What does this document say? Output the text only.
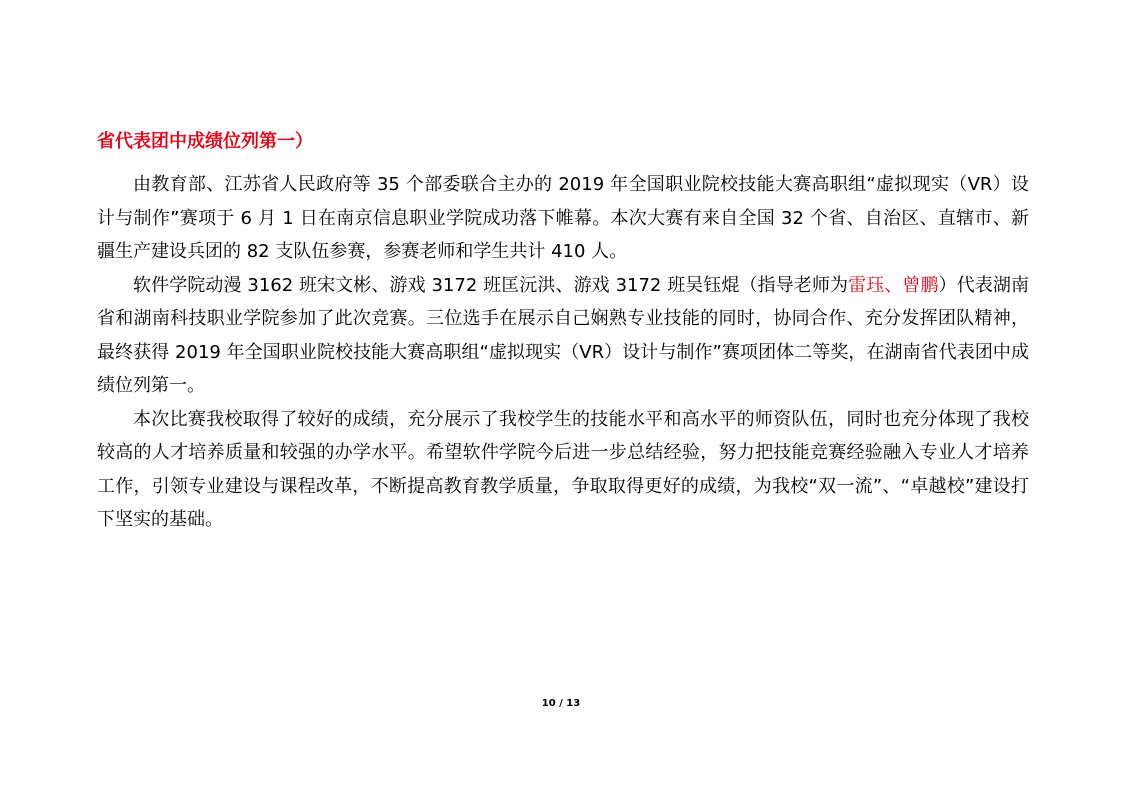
省代表团中成绩位列第一）

由教育部、江苏省人民政府等 35 个部委联合主办的 2019 年全国职业院校技能大赛高职组“虚拟现实（VR）设计与制作”赛项于 6 月 1 日在南京信息职业学院成功落下帷幕。本次大赛有来自全国 32 个省、自治区、直辖市、新疆生产建设兵团的 82 支队伍参赛，参赛老师和学生共计 410 人。

软件学院动漫 3162 班宋文彬、游戏 3172 班匡沅洪、游戏 3172 班吴钰焜（指导老师为雷珏、曾鹏）代表湖南省和湖南科技职业学院参加了此次竞赛。三位选手在展示自己娴熟专业技能的同时，协同合作、充分发挥团队精神，最终获得 2019 年全国职业院校技能大赛高职组“虚拟现实（VR）设计与制作”赛项团体二等奖，在湖南省代表团中成绩位列第一。

本次比赛我校取得了较好的成绩，充分展示了我校学生的技能水平和高水平的师资队伍，同时也充分体现了我校较高的人才培养质量和较强的办学水平。希望软件学院今后进一步总结经验，努力把技能竞赛经验融入专业人才培养工作，引领专业建设与课程改革，不断提高教育教学质量，争取取得更好的成绩，为我校“双一流”、“卓越校”建设打下坚实的基础。

10 / 13
